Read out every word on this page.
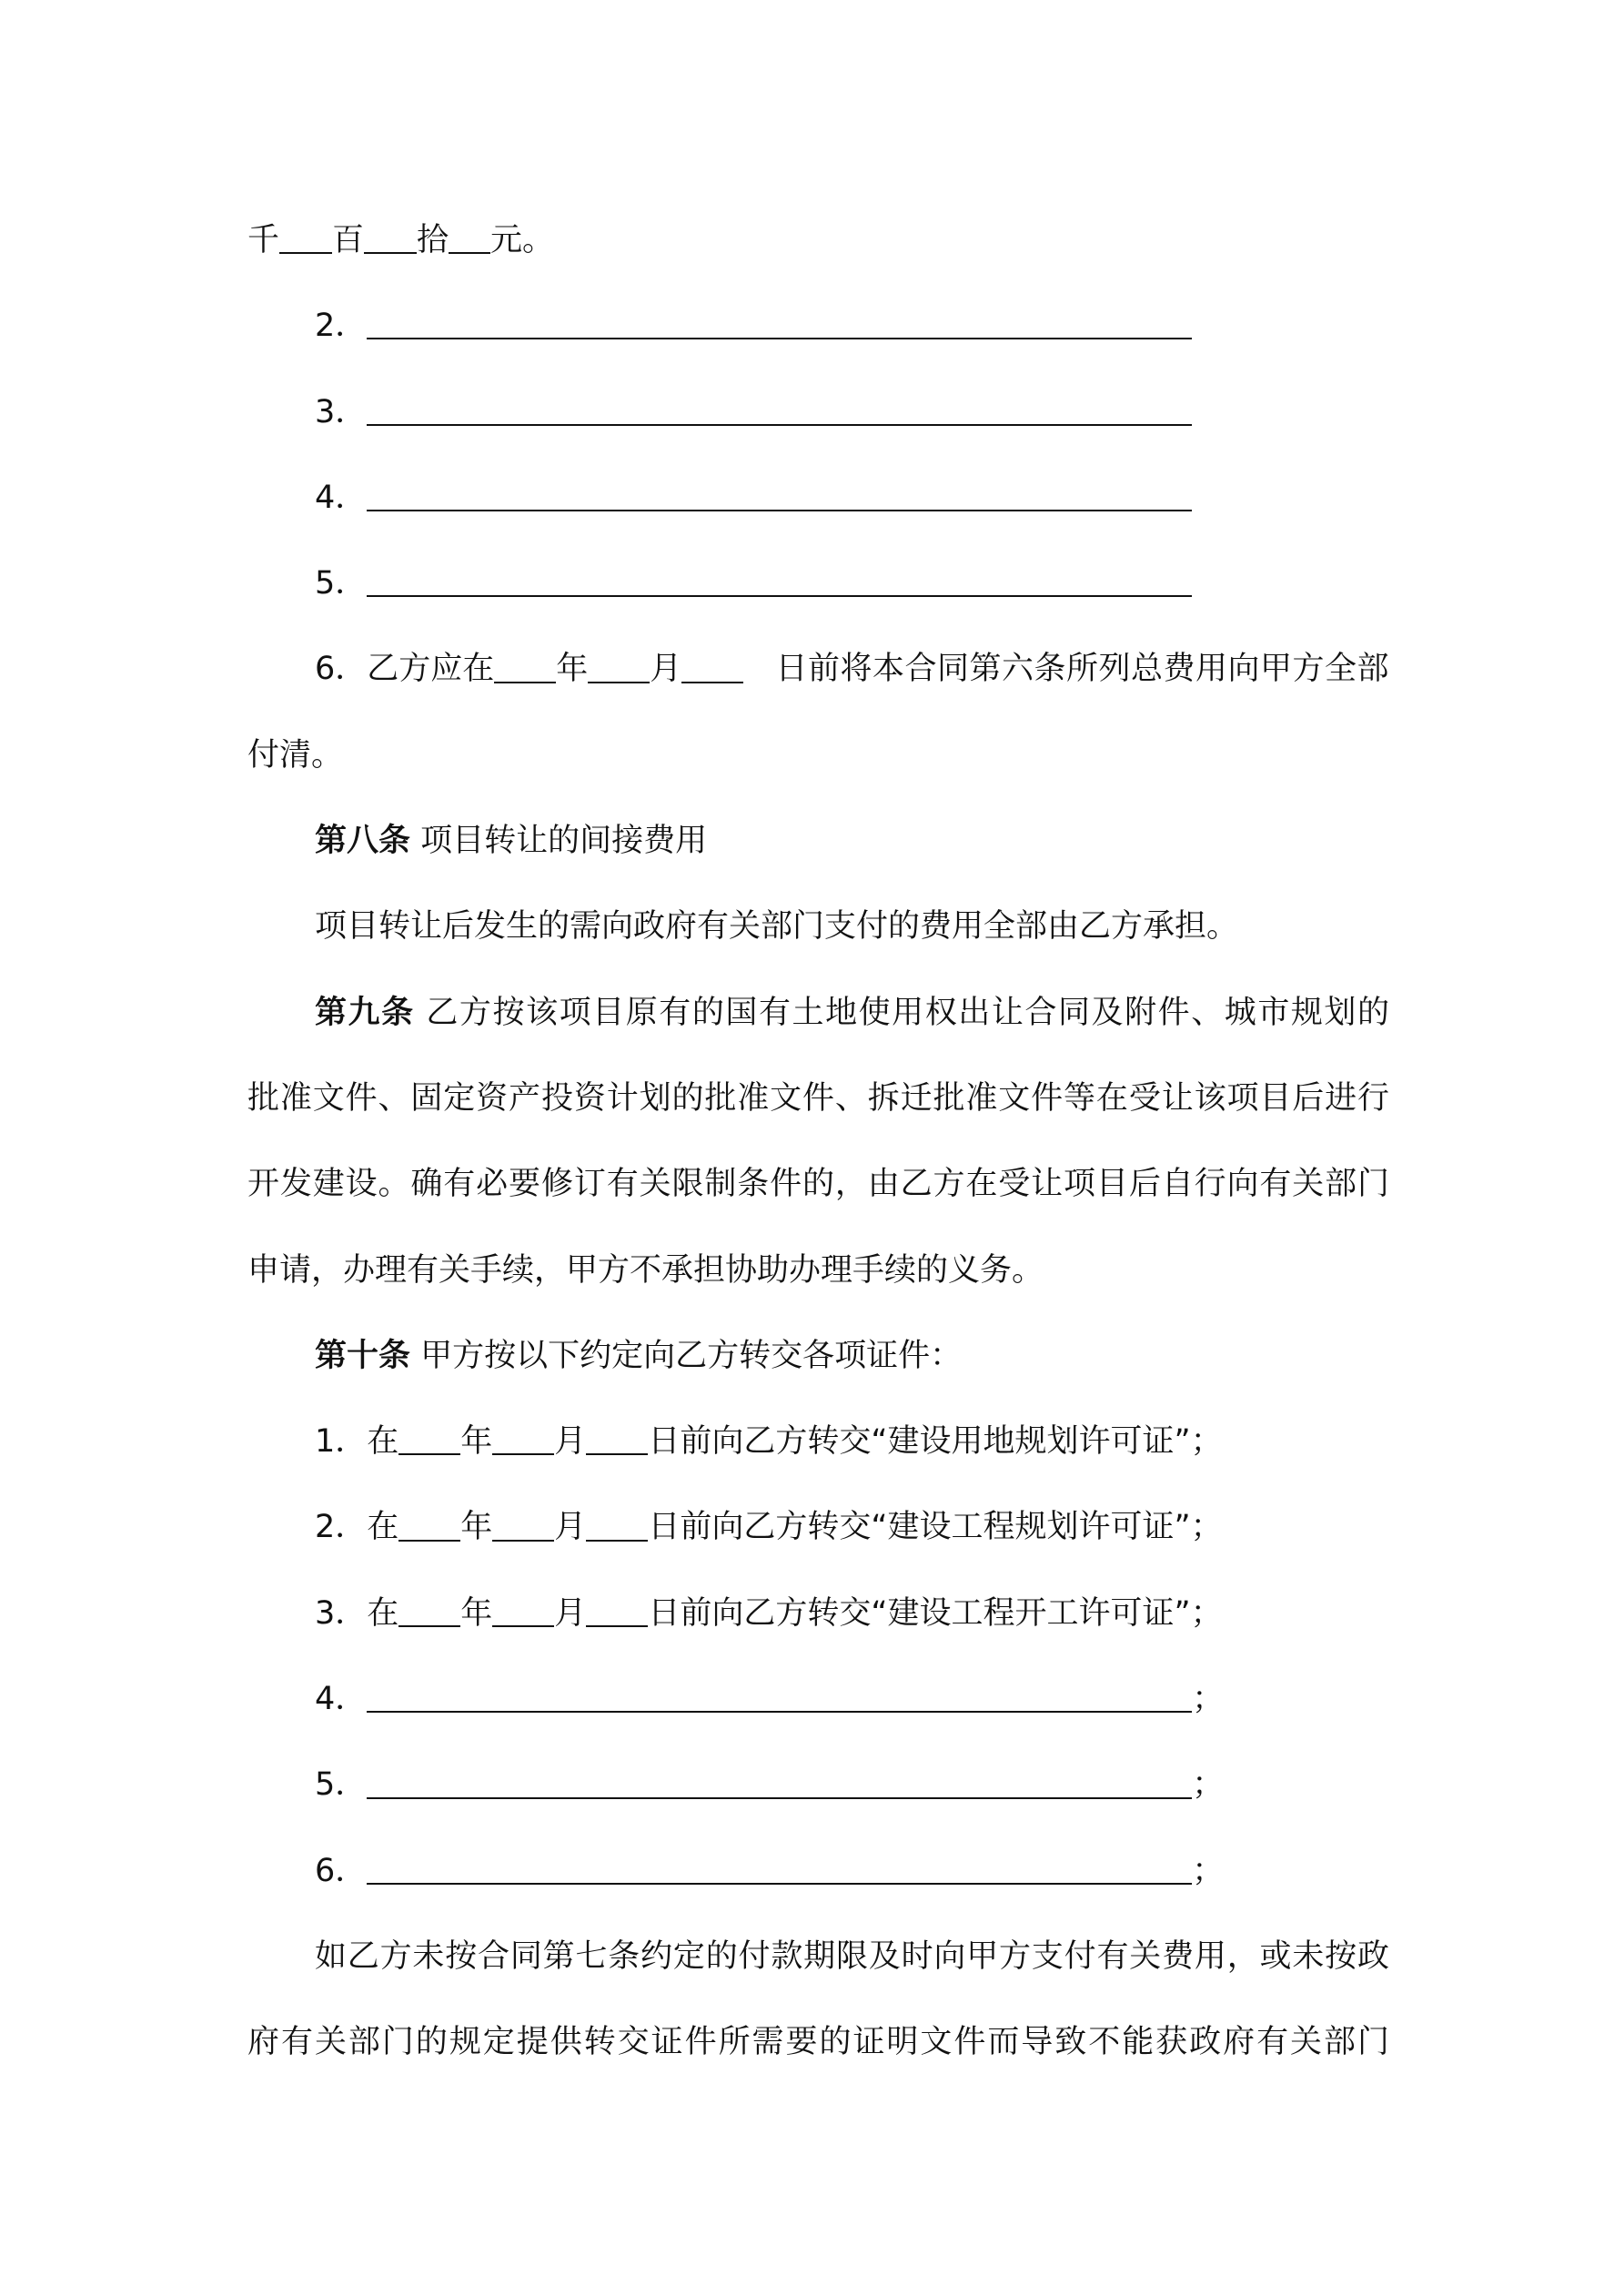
千 百 拾 元。
2．
3．
4．
5．
6．乙方应在 年 月	日前将本合同第六条所列总费用向甲方全部
付清。
第八条 项目转让的间接费用
项目转让后发生的需向政府有关部门支付的费用全部由乙方承担。
第九条 乙方按该项目原有的国有土地使用权出让合同及附件、城市规划的
批准文件、固定资产投资计划的批准文件、拆迁批准文件等在受让该项目后进行
开发建设。确有必要修订有关限制条件的，由乙方在受让项目后自行向有关部门
申请，办理有关手续，甲方不承担协助办理手续的义务。
第十条 甲方按以下约定向乙方转交各项证件：
1．在 年 月 日前向乙方转交“建设用地规划许可证”；
2．在 年 月 日前向乙方转交“建设工程规划许可证”；
3．在 年 月 日前向乙方转交“建设工程开工许可证”；
4．	；
5．	；
6．	；
如乙方未按合同第七条约定的付款期限及时向甲方支付有关费用，或未按政
府有关部门的规定提供转交证件所需要的证明文件而导致不能获政府有关部门
